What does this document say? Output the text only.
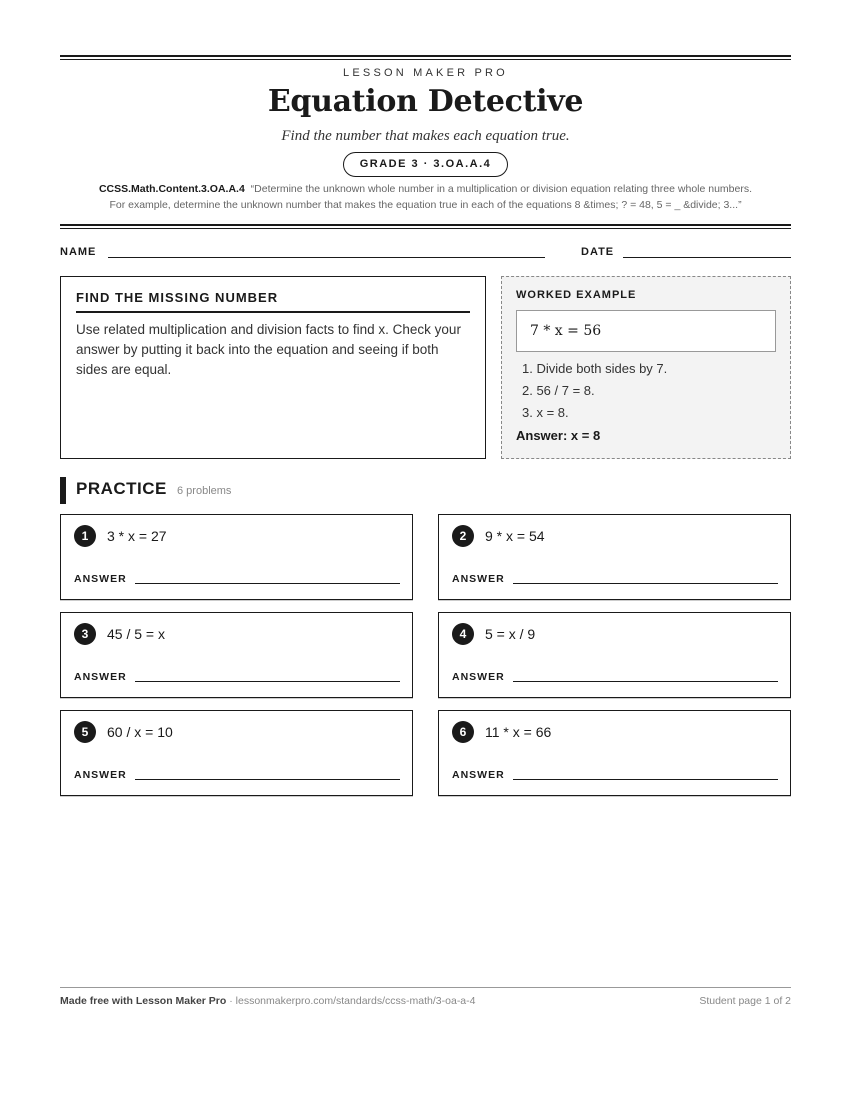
LESSON MAKER PRO
Equation Detective
Find the number that makes each equation true.
GRADE 3 · 3.OA.A.4
CCSS.Math.Content.3.OA.A.4 “Determine the unknown whole number in a multiplication or division equation relating three whole numbers.
For example, determine the unknown number that makes the equation true in each of the equations 8 &times; ? = 48, 5 = _ &divide; 3...”
NAME	DATE
FIND THE MISSING NUMBER
Use related multiplication and division facts to find x. Check your answer by putting it back into the equation and seeing if both sides are equal.
WORKED EXAMPLE
7 * x = 56
1. Divide both sides by 7.
2. 56 / 7 = 8.
3. x = 8.
Answer: x = 8
PRACTICE 6 problems
1	3 * x = 27
ANSWER
2	9 * x = 54
ANSWER
3	45 / 5 = x
ANSWER
4	5 = x / 9
ANSWER
5	60 / x = 10
ANSWER
6	11 * x = 66
ANSWER
Made free with Lesson Maker Pro · lessonmakerpro.com/standards/ccss-math/3-oa-a-4	Student page 1 of 2
